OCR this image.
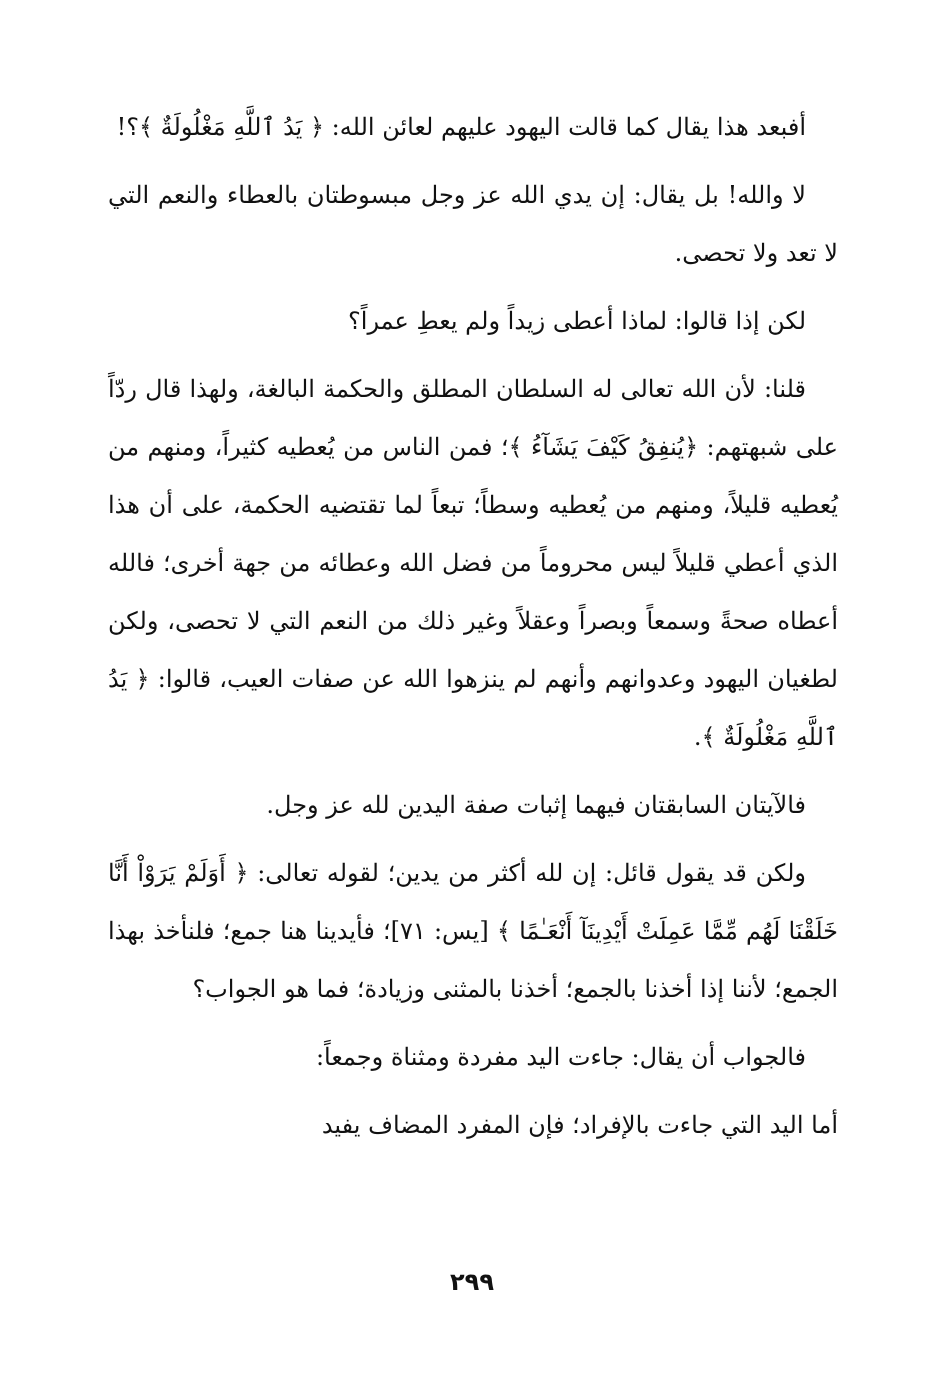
أفبعد هذا يقال كما قالت اليهود عليهم لعائن الله: ﴿ يَدُ ٱللَّهِ مَغْلُولَةٌ ﴾؟!

لا والله! بل يقال: إن يدي الله عز وجل مبسوطتان بالعطاء والنعم التي لا تعد ولا تحصى.

لكن إذا قالوا: لماذا أعطى زيداً ولم يعطِ عمراً؟

قلنا: لأن الله تعالى له السلطان المطلق والحكمة البالغة، ولهذا قال ردّاً على شبهتهم: ﴿يُنفِقُ كَيْفَ يَشَآءُ ﴾؛ فمن الناس من يُعطيه كثيراً، ومنهم من يُعطيه قليلاً، ومنهم من يُعطيه وسطاً؛ تبعاً لما تقتضيه الحكمة، على أن هذا الذي أعطي قليلاً ليس محروماً من فضل الله وعطائه من جهة أخرى؛ فالله أعطاه صحةً وسمعاً وبصراً وعقلاً وغير ذلك من النعم التي لا تحصى، ولكن لطغيان اليهود وعدوانهم وأنهم لم ينزهوا الله عن صفات العيب، قالوا: ﴿ يَدُ ٱللَّهِ مَغْلُولَةٌ ﴾.

فالآيتان السابقتان فيهما إثبات صفة اليدين لله عز وجل.

ولكن قد يقول قائل: إن لله أكثر من يدين؛ لقوله تعالى: ﴿ أَوَلَمْ يَرَوْاْ أَنَّا خَلَقْنَا لَهُم مِّمَّا عَمِلَتْ أَيْدِينَآ أَنْعَـٰمًا ﴾ [يس: ٧١]؛ فأيدينا هنا جمع؛ فلنأخذ بهذا الجمع؛ لأننا إذا أخذنا بالجمع؛ أخذنا بالمثنى وزيادة؛ فما هو الجواب؟

فالجواب أن يقال: جاءت اليد مفردة ومثناة وجمعاً:

أما اليد التي جاءت بالإفراد؛ فإن المفرد المضاف يفيد

٢٩٩
